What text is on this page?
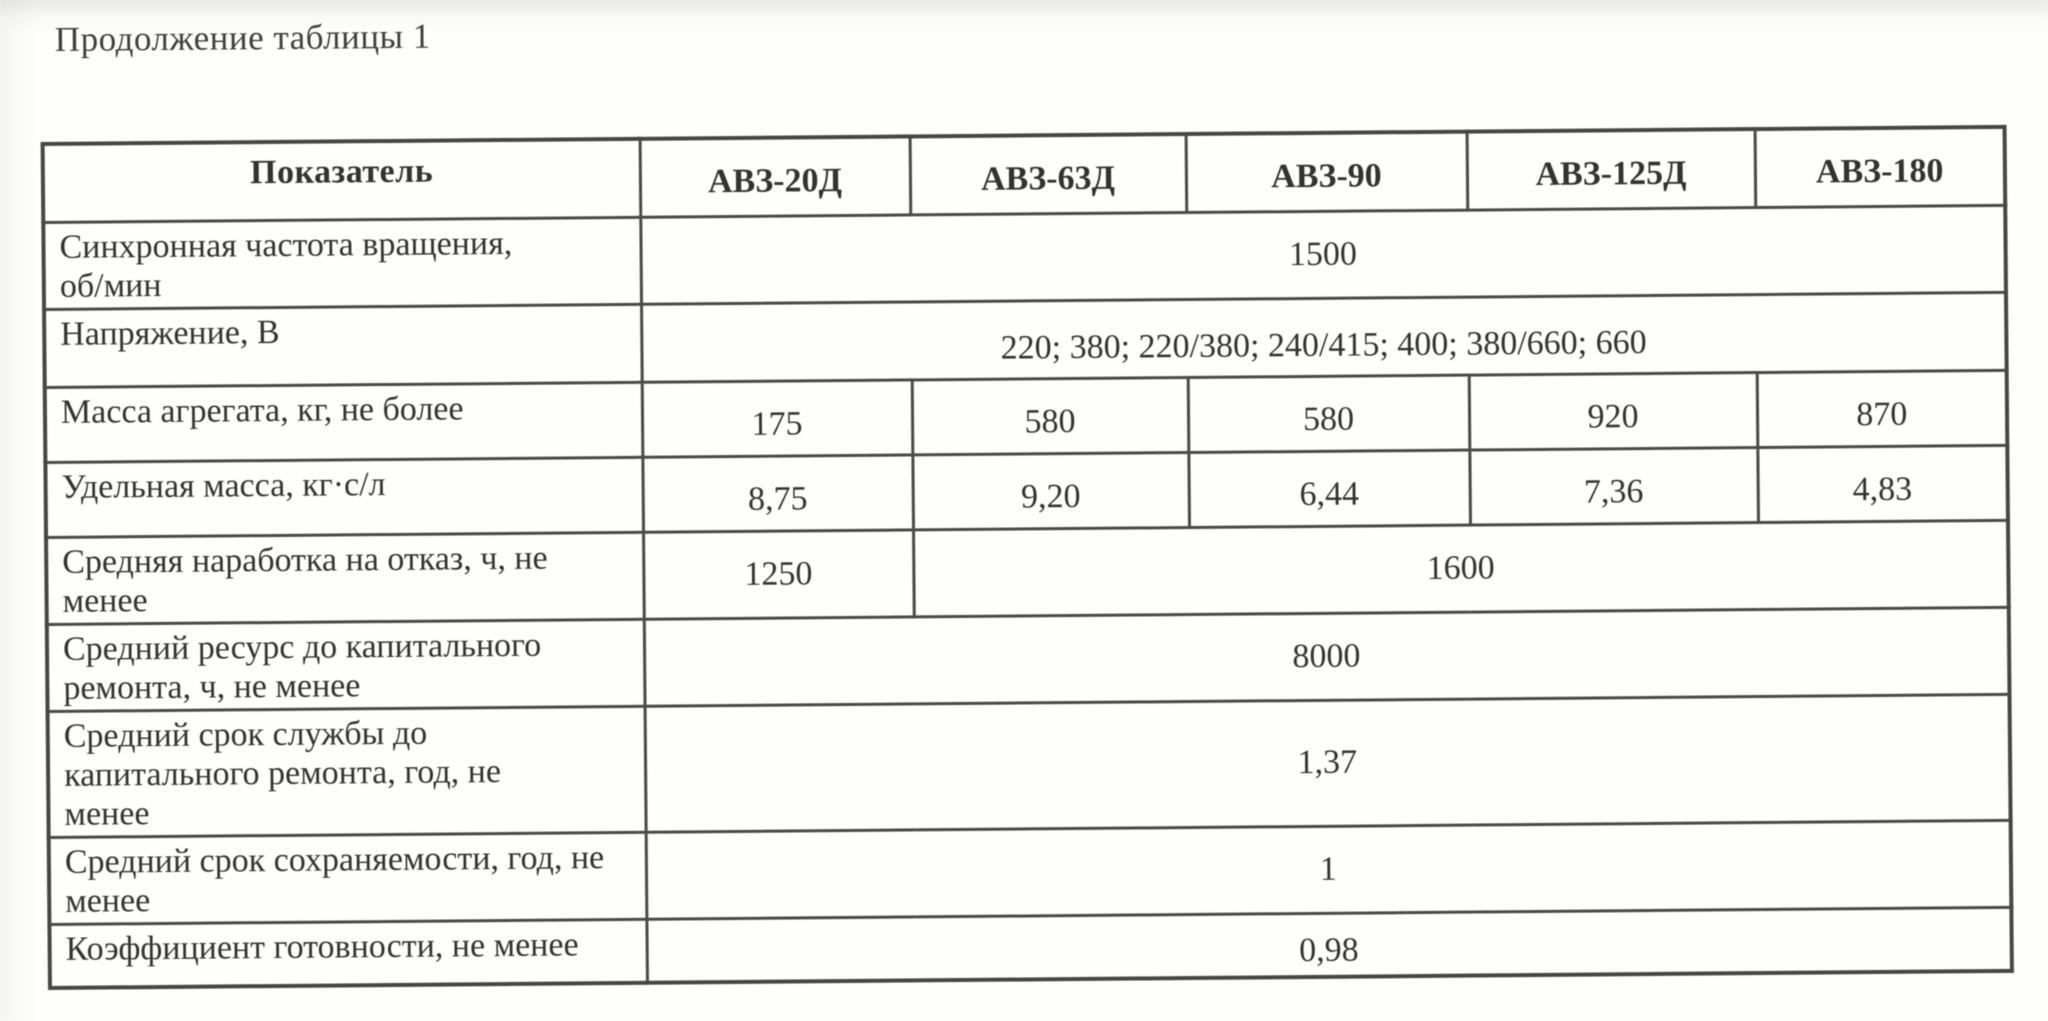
Продолжение таблицы 1

Показатель	АВЗ-20Д	АВЗ-63Д	АВЗ-90	АВЗ-125Д	АВЗ-180

Синхронная частота вращения,
об/мин	1500				

Напряжение, В	220; 380; 220/380; 240/415; 400; 380/660; 660				

Масса агрегата, кг, не более	175	580	580	920	870

Удельная масса, кг·с/л	8,75	9,20	6,44	7,36	4,83

Средняя наработка на отказ, ч, не
менее	1250	1600			

Средний ресурс до капитального
ремонта, ч, не менее	8000				

Средний срок службы до
капитального ремонта, год, не
менее	1,37				

Средний срок сохраняемости, год, не
менее	1				

Коэффициент готовности, не менее	0,98				
